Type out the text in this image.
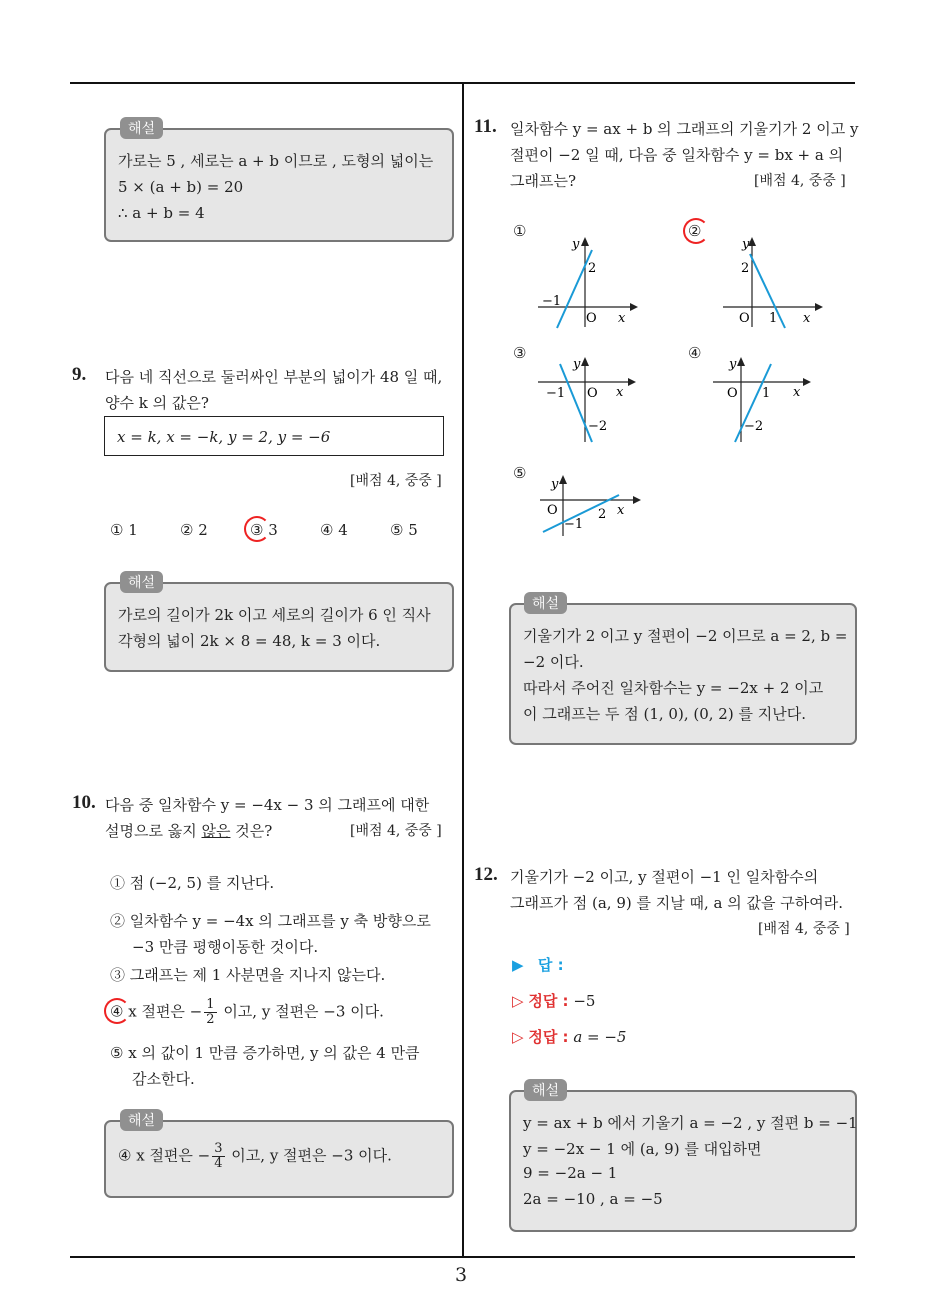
3
가로는 5 , 세로는 a + b 이므로 , 도형의 넓이는
5 × (a + b) = 20
∴ a + b = 4
해설
9. 다음 네 직선으로 둘러싸인 부분의 넓이가 48 일 때,
양수 k 의 값은?
x = k, x = −k, y = 2, y = −6
[배점 4, 중중 ]
① 1	② 2	③ 3	④ 4	⑤ 5
가로의 길이가 2k 이고 세로의 길이가 6 인 직사
각형의 넓이 2k × 8 = 48, k = 3 이다.
해설
10. 다음 중 일차함수 y = −4x − 3 의 그래프에 대한
설명으로 옳지 않은 것은?	[배점 4, 중중 ]
① 점 (−2, 5) 를 지난다.
② 일차함수 y = −4x 의 그래프를 y 축 방향으로
−3 만큼 평행이동한 것이다.
③ 그래프는 제 1 사분면을 지나지 않는다.
④ x 절편은 − $\frac{1}{2}$ 이고, y 절편은 −3 이다.
⑤ x 의 값이 1 만큼 증가하면, y 의 값은 4 만큼
감소한다.
④ x 절편은 − $\frac{3}{4}$ 이고, y 절편은 −3 이다.
해설
11. 일차함수 y = ax + b 의 그래프의 기울기가 2 이고 y
절편이 −2 일 때, 다음 중 일차함수 y = bx + a 의
그래프는?	[배점 4, 중중 ]
①	②
③	④
⑤
y
x
O
2
−1
y
x
O
2
1
y
x
O
−1
−2
y
x
O 1
−2
y
x
O	2
−1
기울기가 2 이고 y 절편이 −2 이므로 a = 2, b =
−2 이다.
따라서 주어진 일차함수는 y = −2x + 2 이고
이 그래프는 두 점 (1, 0), (0, 2) 를 지난다.
해설
12. 기울기가 −2 이고, y 절편이 −1 인 일차함수의
그래프가 점 (a, 9) 를 지날 때, a 의 값을 구하여라.
[배점 4, 중중 ]
▶ 답 :
▷ 정답 : −5
▷ 정답 : a = −5
y = ax + b 에서 기울기 a = −2 , y 절편 b = −1
y = −2x − 1 에 (a, 9) 를 대입하면
9 = −2a − 1
2a = −10 , a = −5
해설
